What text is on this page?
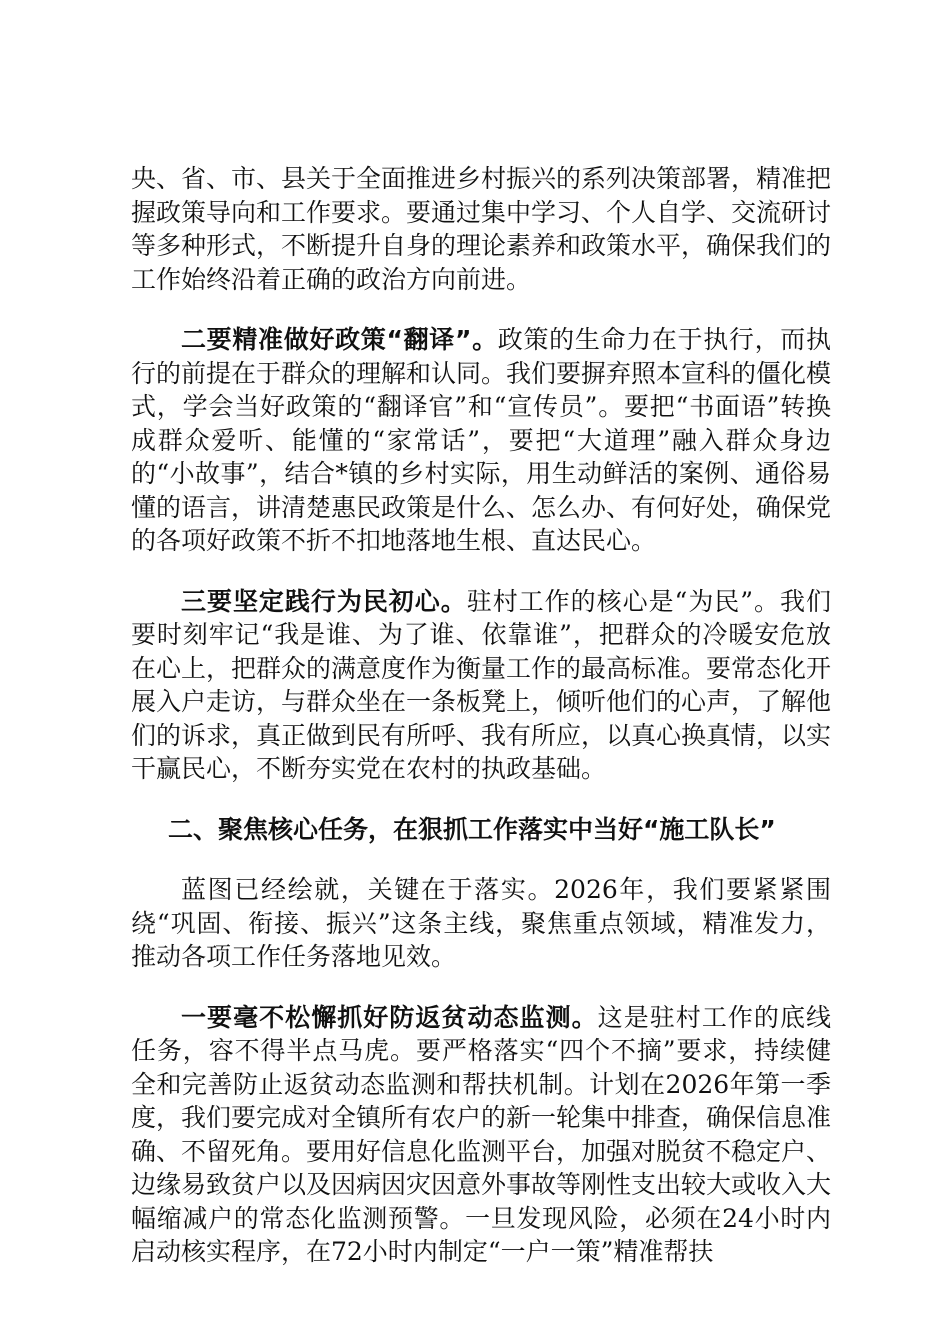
央、省、市、县关于全面推进乡村振兴的系列决策部署，精准把握政策导向和工作要求。要通过集中学习、个人自学、交流研讨等多种形式，不断提升自身的理论素养和政策水平，确保我们的工作始终沿着正确的政治方向前进。

二要精准做好政策“翻译”。政策的生命力在于执行，而执行的前提在于群众的理解和认同。我们要摒弃照本宣科的僵化模式，学会当好政策的“翻译官”和“宣传员”。要把“书面语”转换成群众爱听、能懂的“家常话”，要把“大道理”融入群众身边的“小故事”，结合*镇的乡村实际，用生动鲜活的案例、通俗易懂的语言，讲清楚惠民政策是什么、怎么办、有何好处，确保党的各项好政策不折不扣地落地生根、直达民心。

三要坚定践行为民初心。驻村工作的核心是“为民”。我们要时刻牢记“我是谁、为了谁、依靠谁”，把群众的冷暖安危放在心上，把群众的满意度作为衡量工作的最高标准。要常态化开展入户走访，与群众坐在一条板凳上，倾听他们的心声，了解他们的诉求，真正做到民有所呼、我有所应，以真心换真情，以实干赢民心，不断夯实党在农村的执政基础。

二、聚焦核心任务，在狠抓工作落实中当好“施工队长”

蓝图已经绘就，关键在于落实。2026年，我们要紧紧围绕“巩固、衔接、振兴”这条主线，聚焦重点领域，精准发力，推动各项工作任务落地见效。

一要毫不松懈抓好防返贫动态监测。这是驻村工作的底线任务，容不得半点马虎。要严格落实“四个不摘”要求，持续健全和完善防止返贫动态监测和帮扶机制。计划在2026年第一季度，我们要完成对全镇所有农户的新一轮集中排查，确保信息准确、不留死角。要用好信息化监测平台，加强对脱贫不稳定户、边缘易致贫户以及因病因灾因意外事故等刚性支出较大或收入大幅缩减户的常态化监测预警。一旦发现风险，必须在24小时内启动核实程序，在72小时内制定“一户一策”精准帮扶
